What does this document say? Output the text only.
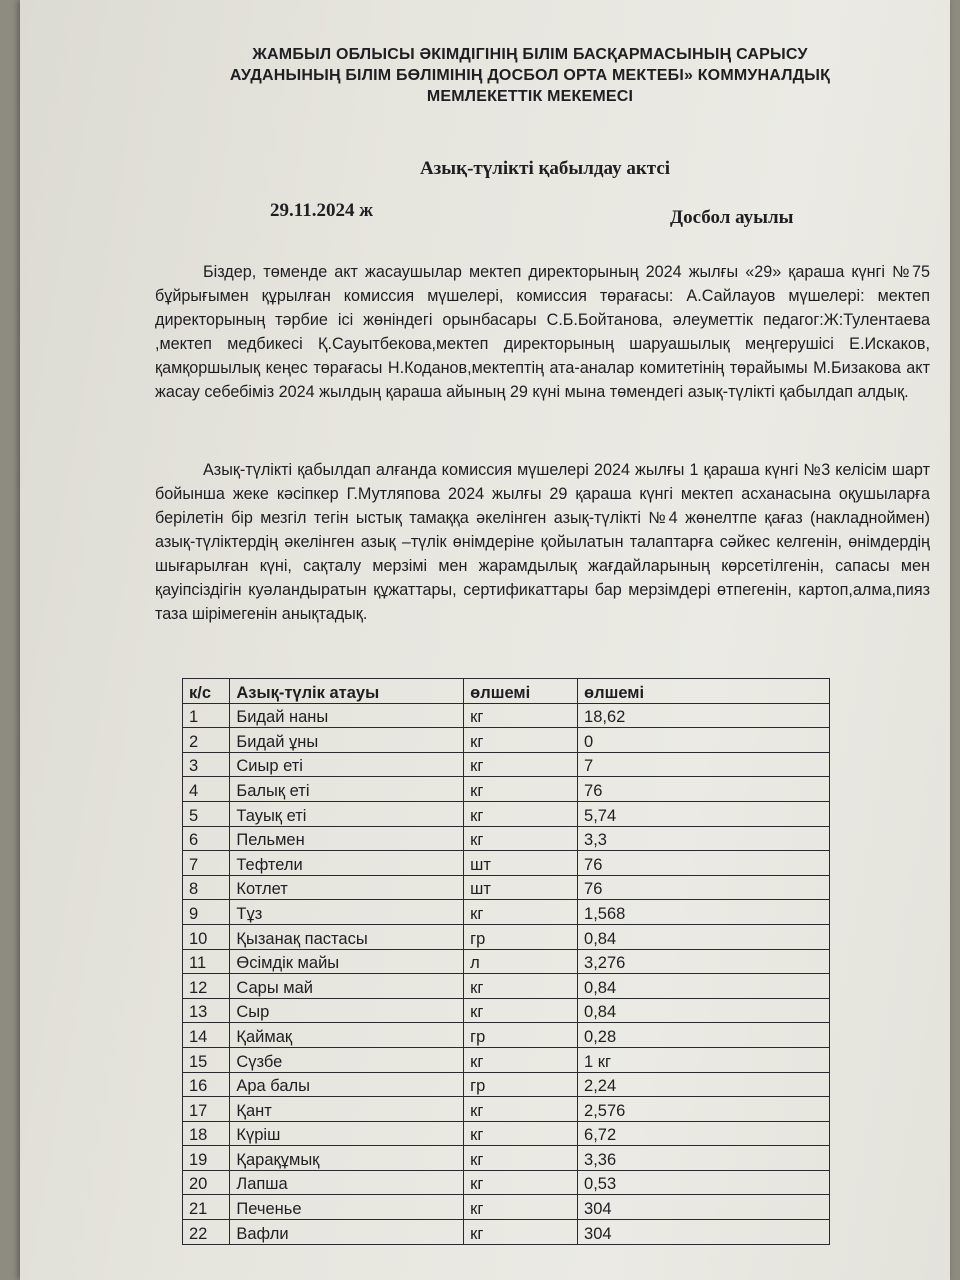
ЖАМБЫЛ ОБЛЫСЫ ӘКІМДІГІНІҢ БІЛІМ БАСҚАРМАСЫНЫҢ САРЫСУ
АУДАНЫНЫҢ БІЛІМ БӨЛІМІНІҢ ДОСБОЛ ОРТА МЕКТЕБІ» КОММУНАЛДЫҚ
МЕМЛЕКЕТТІК МЕКЕМЕСІ
Азық-түлікті қабылдау актсі
29.11.2024 ж	Досбол ауылы
Біздер, төменде акт жасаушылар мектеп директорының 2024 жылғы «29» қараша күнгі №75 бұйрығымен құрылған комиссия мүшелері, комиссия төрағасы: А.Сайлауов мүшелері: мектеп директорының тәрбие ісі жөніндегі орынбасары С.Б.Бойтанова, әлеуметтік педагог:Ж:Тулентаева ,мектеп медбикесі Қ.Сауытбекова,мектеп директорының шаруашылық меңгерушісі Е.Искаков, қамқоршылық кеңес төрағасы Н.Коданов,мектептің ата-аналар комитетінің төрайымы М.Бизакова акт жасау себебіміз 2024 жылдың қараша айының 29 күні мына төмендегі азық-түлікті қабылдап алдық.
Азық-түлікті қабылдап алғанда комиссия мүшелері 2024 жылғы 1 қараша күнгі №3 келісім шарт бойынша жеке кәсіпкер Г.Мутляпова 2024 жылғы 29 қараша күнгі мектеп асханасына оқушыларға берілетін бір мезгіл тегін ыстық тамаққа әкелінген азық-түлікті №4 жөнелтпе қағаз (накладноймен) азық-түліктердің әкелінген азық –түлік өнімдеріне қойылатын талаптарға сәйкес келгенін, өнімдердің шығарылған күні, сақталу мерзімі мен жарамдылық жағдайларының көрсетілгенін, сапасы мен қауіпсіздігін куәландыратын құжаттары, сертификаттары бар мерзімдері өтпегенін, картоп,алма,пияз таза шірімегенін анықтадық.
к/с	Азық-түлік атауы	өлшемі	өлшемі
1	Бидай наны	кг	18,62
2	Бидай ұны	кг	0
3	Сиыр еті	кг	7
4	Балық еті	кг	76
5	Тауық еті	кг	5,74
6	Пельмен	кг	3,3
7	Тефтели	шт	76
8	Котлет	шт	76
9	Тұз	кг	1,568
10	Қызанақ пастасы	гр	0,84
11	Өсімдік майы	л	3,276
12	Сары май	кг	0,84
13	Сыр	кг	0,84
14	Қаймақ	гр	0,28
15	Сүзбе	кг	1 кг
16	Ара балы	гр	2,24
17	Қант	кг	2,576
18	Күріш	кг	6,72
19	Қарақұмық	кг	3,36
20	Лапша	кг	0,53
21	Печенье	кг	304
22	Вафли	кг	304
